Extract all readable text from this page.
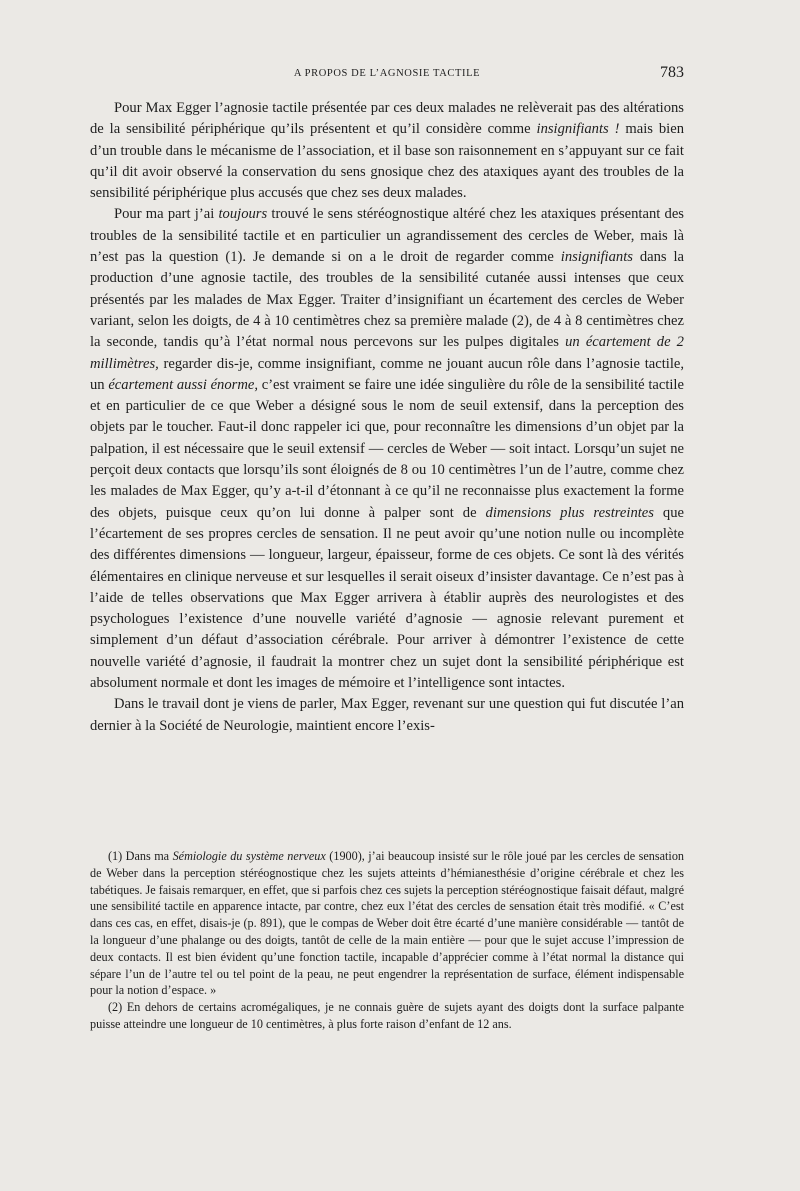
A PROPOS DE L’AGNOSIE TACTILE	783

Pour Max Egger l’agnosie tactile présentée par ces deux malades ne relèverait pas des altérations de la sensibilité périphérique qu’ils présentent et qu’il considère comme insignifiants ! mais bien d’un trouble dans le mécanisme de l’association, et il base son raisonnement en s’appuyant sur ce fait qu’il dit avoir observé la conservation du sens gnosique chez des ataxiques ayant des troubles de la sensibilité périphérique plus accusés que chez ses deux malades.

Pour ma part j’ai toujours trouvé le sens stéréognostique altéré chez les ataxiques présentant des troubles de la sensibilité tactile et en particulier un agrandissement des cercles de Weber, mais là n’est pas la question (1). Je demande si on a le droit de regarder comme insignifiants dans la production d’une agnosie tactile, des troubles de la sensibilité cutanée aussi intenses que ceux présentés par les malades de Max Egger. Traiter d’insignifiant un écartement des cercles de Weber variant, selon les doigts, de 4 à 10 centimètres chez sa première malade (2), de 4 à 8 centimètres chez la seconde, tandis qu’à l’état normal nous percevons sur les pulpes digitales un écartement de 2 millimètres, regarder dis-je, comme insignifiant, comme ne jouant aucun rôle dans l’agnosie tactile, un écartement aussi énorme, c’est vraiment se faire une idée singulière du rôle de la sensibilité tactile et en particulier de ce que Weber a désigné sous le nom de seuil extensif, dans la perception des objets par le toucher. Faut-il donc rappeler ici que, pour reconnaître les dimensions d’un objet par la palpation, il est nécessaire que le seuil extensif — cercles de Weber — soit intact. Lorsqu’un sujet ne perçoit deux contacts que lorsqu’ils sont éloignés de 8 ou 10 centimètres l’un de l’autre, comme chez les malades de Max Egger, qu’y a-t-il d’étonnant à ce qu’il ne reconnaisse plus exactement la forme des objets, puisque ceux qu’on lui donne à palper sont de dimensions plus restreintes que l’écartement de ses propres cercles de sensation. Il ne peut avoir qu’une notion nulle ou incomplète des différentes dimensions — longueur, largeur, épaisseur, forme de ces objets. Ce sont là des vérités élémentaires en clinique nerveuse et sur lesquelles il serait oiseux d’insister davantage. Ce n’est pas à l’aide de telles observations que Max Egger arrivera à établir auprès des neurologistes et des psychologues l’existence d’une nouvelle variété d’agnosie — agnosie relevant purement et simplement d’un défaut d’association cérébrale. Pour arriver à démontrer l’existence de cette nouvelle variété d’agnosie, il faudrait la montrer chez un sujet dont la sensibilité périphérique est absolument normale et dont les images de mémoire et l’intelligence sont intactes.

Dans le travail dont je viens de parler, Max Egger, revenant sur une question qui fut discutée l’an dernier à la Société de Neurologie, maintient encore l’exis-

(1) Dans ma Sémiologie du système nerveux (1900), j’ai beaucoup insisté sur le rôle joué par les cercles de sensation de Weber dans la perception stéréognostique chez les sujets atteints d’hémianesthésie d’origine cérébrale et chez les tabétiques. Je faisais remarquer, en effet, que si parfois chez ces sujets la perception stéréognostique faisait défaut, malgré une sensibilité tactile en apparence intacte, par contre, chez eux l’état des cercles de sensation était très modifié. « C’est dans ces cas, en effet, disais-je (p. 891), que le compas de Weber doit être écarté d’une manière considérable — tantôt de la longueur d’une phalange ou des doigts, tantôt de celle de la main entière — pour que le sujet accuse l’impression de deux contacts. Il est bien évident qu’une fonction tactile, incapable d’apprécier comme à l’état normal la distance qui sépare l’un de l’autre tel ou tel point de la peau, ne peut engendrer la représentation de surface, élément indispensable pour la notion d’espace. »

(2) En dehors de certains acromégaliques, je ne connais guère de sujets ayant des doigts dont la surface palpante puisse atteindre une longueur de 10 centimètres, à plus forte raison d’enfant de 12 ans.
